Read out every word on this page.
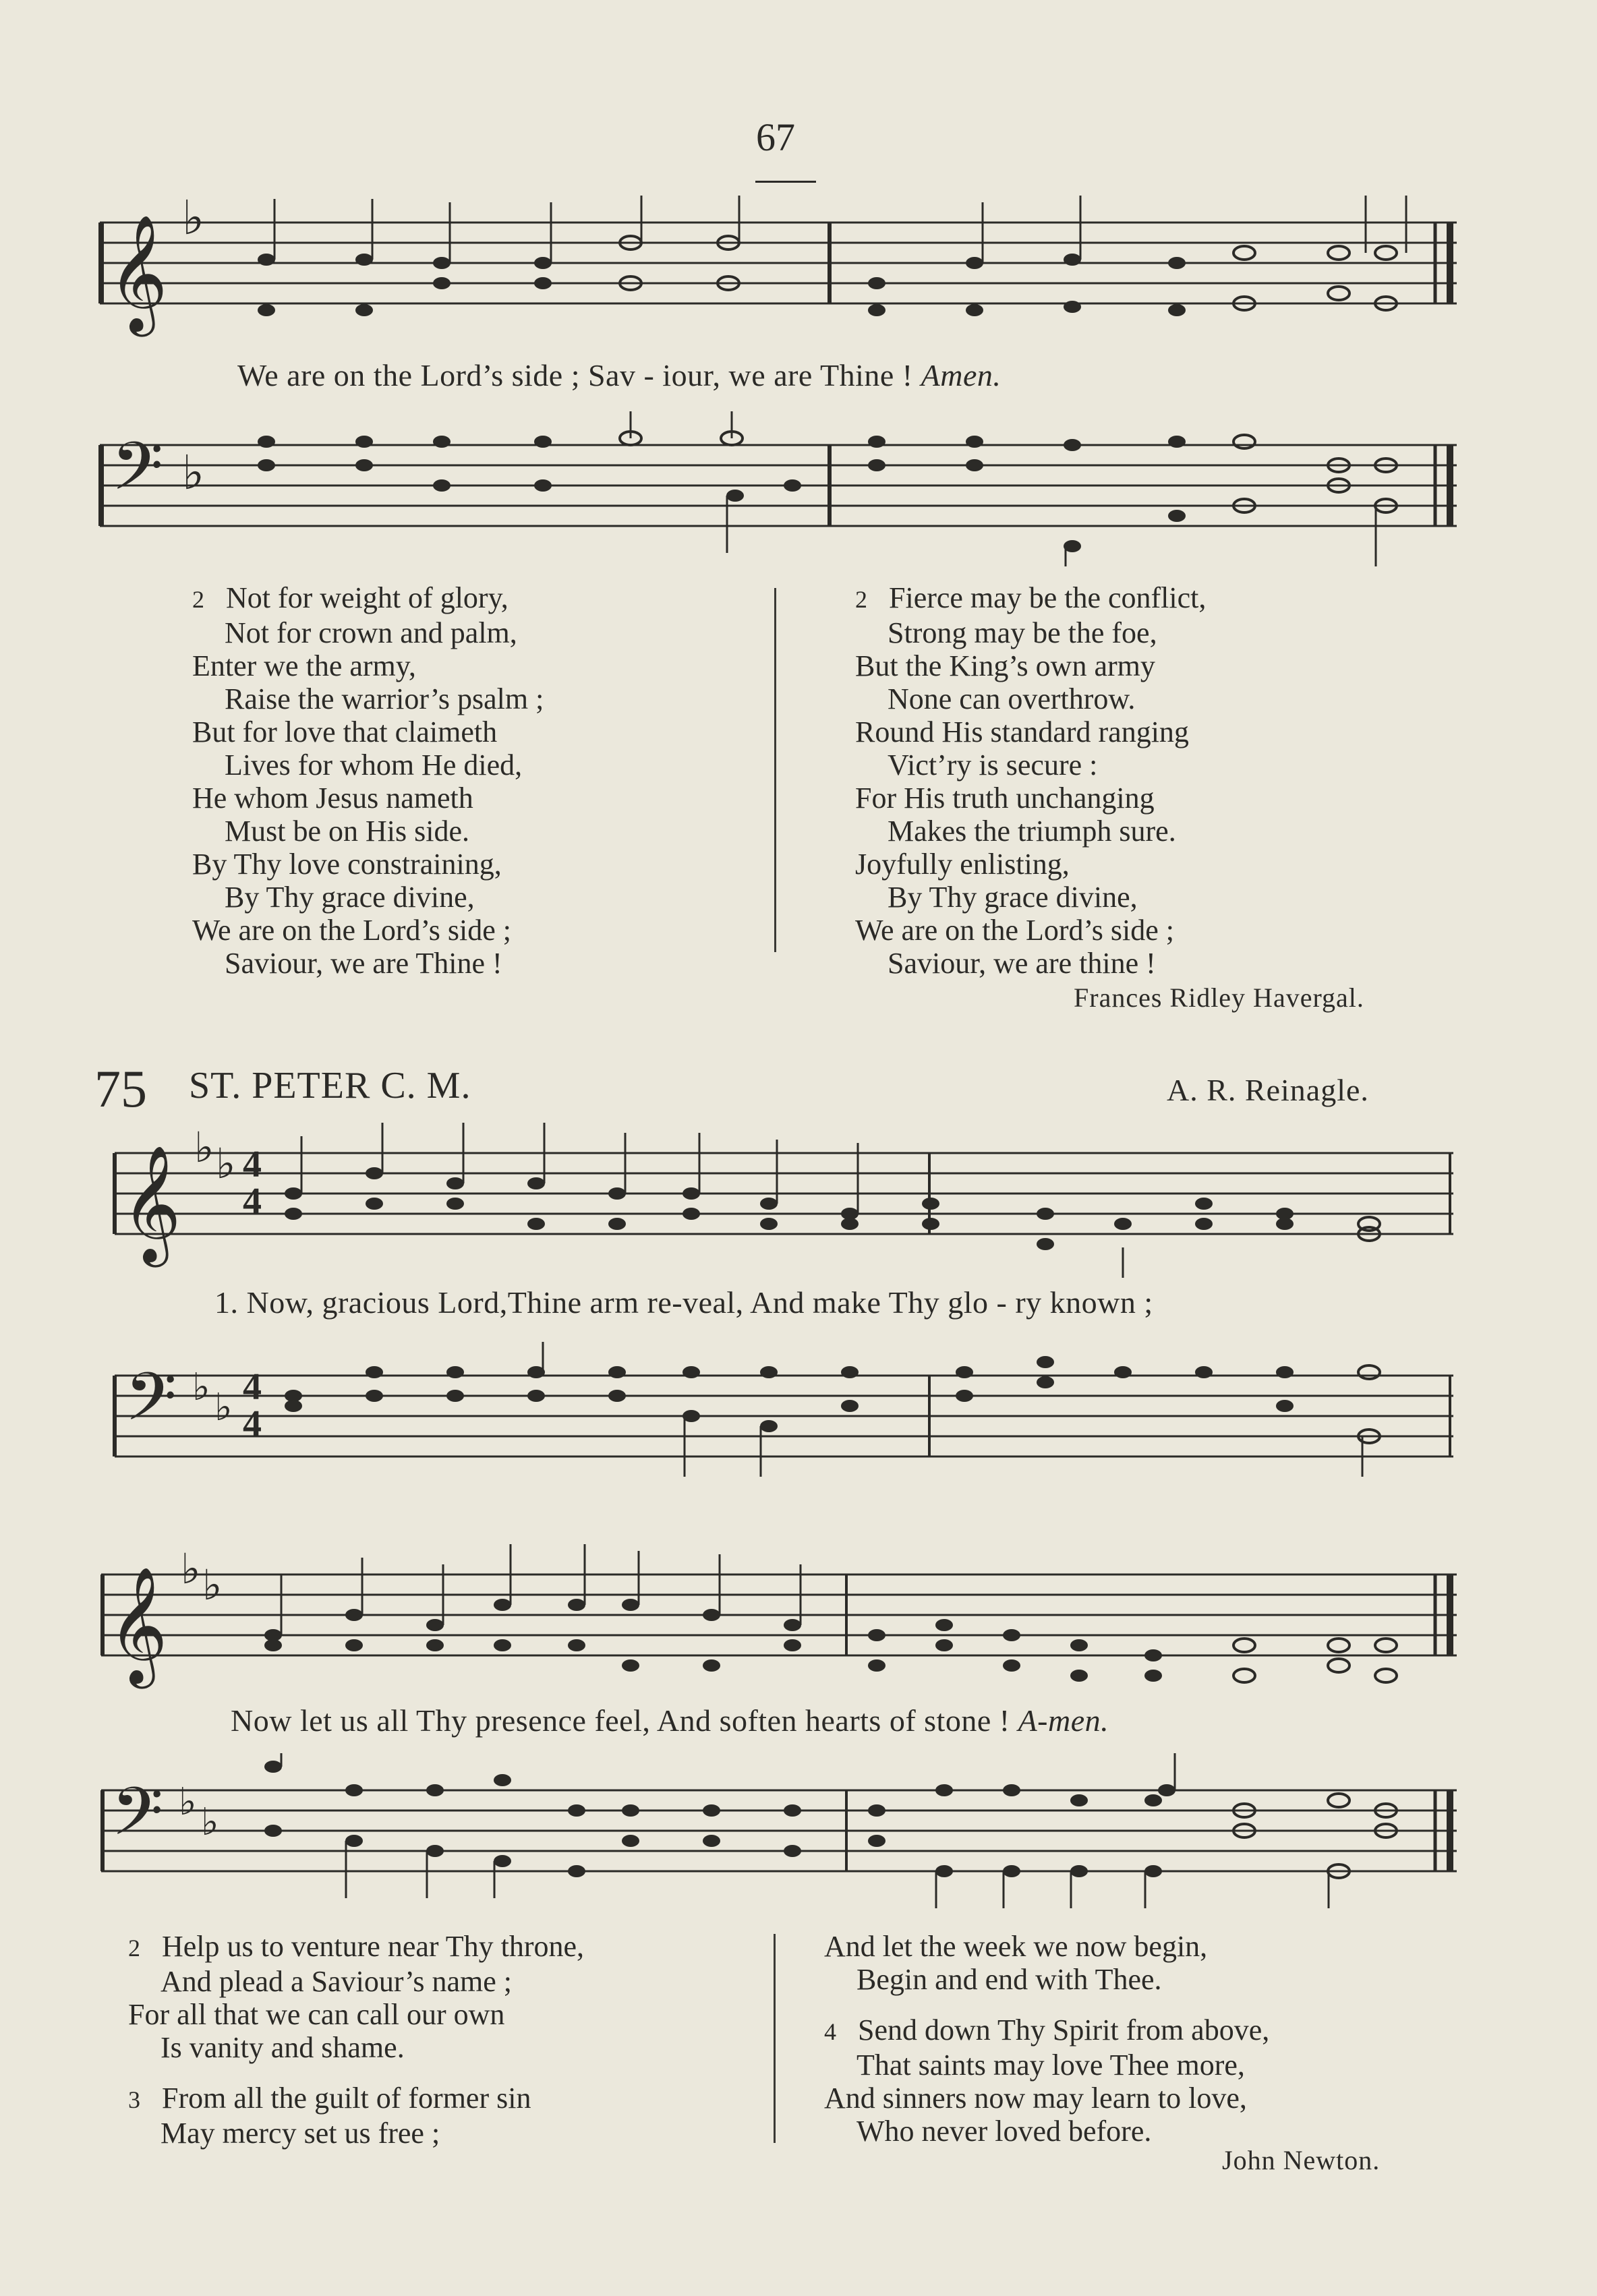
67
𝄞 ♭
We are on the Lord’s side ; Sav - iour, we are Thine ! Amen.
𝄢 ♭
2 Not for weight of glory,
Not for crown and palm,
Enter we the army,
Raise the warrior’s psalm ;
But for love that claimeth
Lives for whom He died,
He whom Jesus nameth
Must be on His side.
By Thy love constraining,
By Thy grace divine,
We are on the Lord’s side ;
Saviour, we are Thine !
2 Fierce may be the conflict,
Strong may be the foe,
But the King’s own army
None can overthrow.
Round His standard ranging
Vict’ry is secure :
For His truth unchanging
Makes the triumph sure.
Joyfully enlisting,
By Thy grace divine,
We are on the Lord’s side ;
Saviour, we are thine !
Frances Ridley Havergal.
75 ST. PETER C. M.	A. R. Reinagle.
𝄞 ♭ ♭ 4
4
1. Now, gracious Lord,Thine arm re-veal, And make Thy glo - ry known ;
𝄢 ♭ ♭ 4
4
𝄞 ♭ ♭
Now let us all Thy presence feel, And soften hearts of stone ! A-men.
𝄢 ♭ ♭
2 Help us to venture near Thy throne,
And plead a Saviour’s name ;
For all that we can call our own
Is vanity and shame.
3 From all the guilt of former sin
May mercy set us free ;
And let the week we now begin,
Begin and end with Thee.
4 Send down Thy Spirit from above,
That saints may love Thee more,
And sinners now may learn to love,
Who never loved before.
John Newton.
